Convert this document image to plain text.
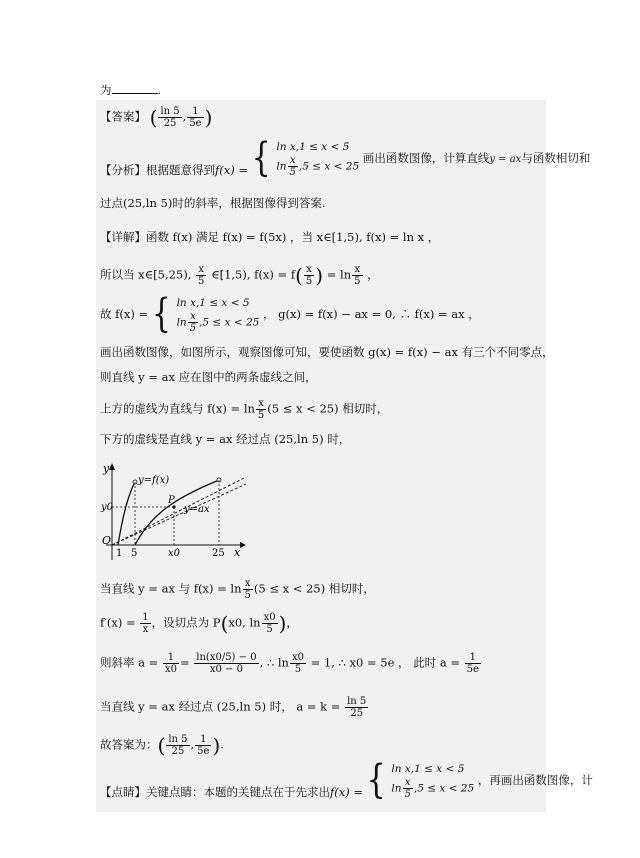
为	.
【答案】 ( $\frac{\ln 5}{25}$ , $\frac{1}{5e}$ )
【分析】根据题意得到f(x) = { ln x,1 ≤ x < 5
$\ln \frac{x}{5} ,5 \le x < 25$
画出函数图像，计算直线y = ax与函数相切和
过点(25,ln 5)时的斜率，根据图像得到答案.
【详解】函数 f(x) 满足 f(x) = f(5x) ，当 x∈[1,5), f(x) = ln x ，
所以当 x∈[5,25), $\frac{x}{5}$ ∈[1,5), $f(x) = f( \frac{x}{5}$ ) = $\ln \frac{x}{5}$ ，
故 f(x) = { ln x,1 ≤ x < 5
$\ln \frac{x}{5} ,5 \le x < 25$
， g(x) = f(x) − ax = 0, ∴ f(x) = ax ，
画出函数图像，如图所示，观察图像可知，要使函数 g(x) = f(x) − ax 有三个不同零点，
则直线 y = ax 应在图中的两条虚线之间，
上方的虚线为直线与 $f(x) = \ln \frac{x}{5} (5 \le x < 25)$ 相切时，
下方的虚线是直线 y = ax 经过点 (25,ln 5) 时，
y
x
O
y=f(x)
y=ax
P
y0
1 5	x0	25
当直线 y = ax 与 $f(x) = \ln \frac{x}{5} (5 \le x < 25)$ 相切时，
$f'(x) = \frac{1}{x}$ ，设切点为 P(x0, $\ln \frac{x0}{5}$ )，
则斜率 $a = \frac{1}{x0} = \frac{\ln(x0/5) - 0}{x0 - 0}$ , ∴ $\ln \frac{x0}{5} = 1$, ∴ x0 = 5e ， 此时 $a = \frac{1}{5e}$
当直线 y = ax 经过点 (25,ln 5) 时， $a = k = \frac{\ln 5}{25}$
故答案为：( $\frac{\ln 5}{25}$ , $\frac{1}{5e}$ ).
【点睛】关键点睛：本题的关键点在于先求出f(x) = { ln x,1 ≤ x < 5
$\ln \frac{x}{5} ,5 \le x < 25$
，再画出函数图像，计
